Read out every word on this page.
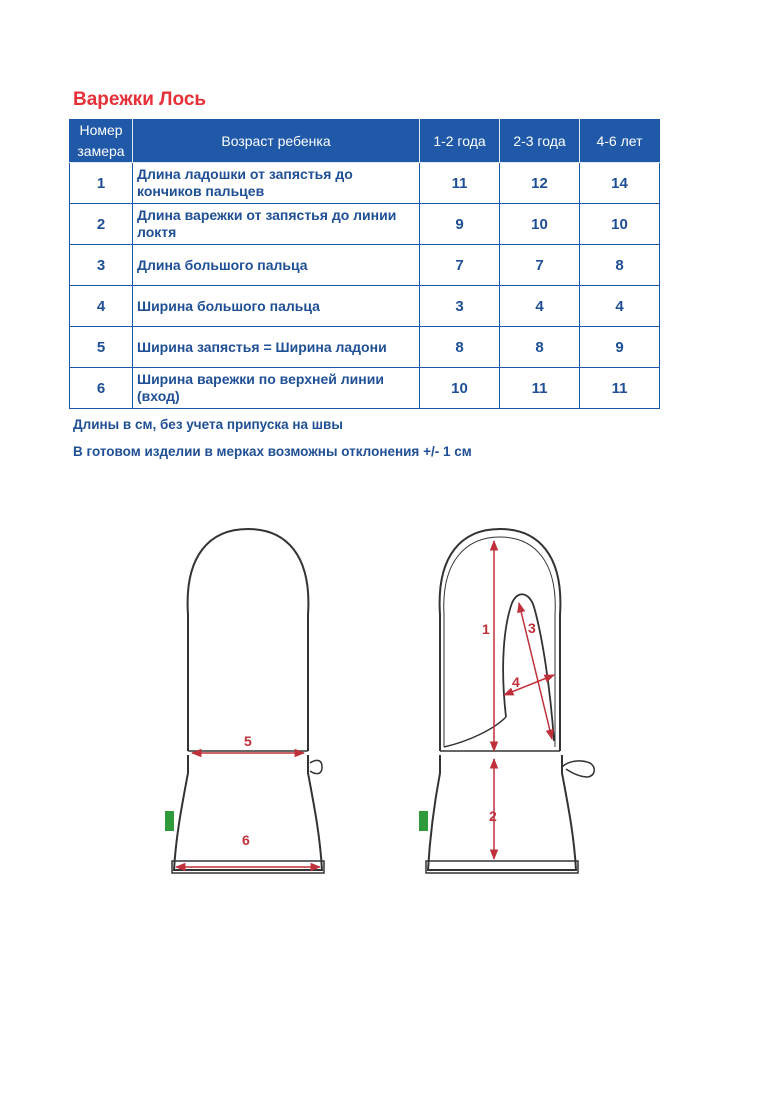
Варежки Лось
Номер замера	Возраст ребенка	1-2 года	2-3 года	4-6 лет
1	Длина ладошки от запястья до кончиков пальцев	11	12	14
2	Длина варежки от запястья до линии локтя	9	10	10
3	Длина большого пальца	7	7	8
4	Ширина большого пальца	3	4	4
5	Ширина запястья = Ширина ладони	8	8	9
6	Ширина варежки по верхней линии (вход)	10	11	11

Длины в см, без учета припуска на швы

В готовом изделии в мерках возможны отклонения +/- 1 см

5
6
1
2
3
4
